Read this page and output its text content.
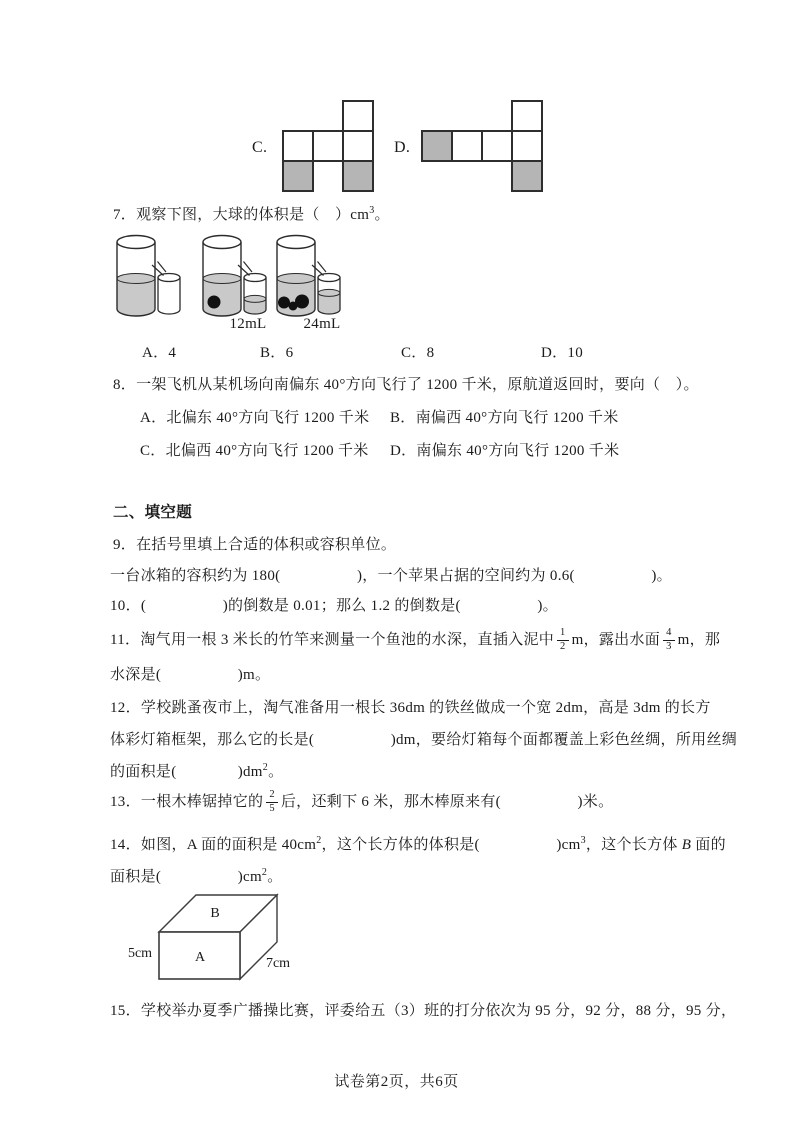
C.	D.
7．观察下图，大球的体积是（　）$cm^3$。
12mL 24mL
A．4	B．6	C．8	D．10
8．一架飞机从某机场向南偏东 40°方向飞行了 1200 千米，原航道返回时，要向（　）。
A．北偏东 40°方向飞行 1200 千米 B．南偏西 40°方向飞行 1200 千米
C．北偏西 40°方向飞行 1200 千米 D．南偏东 40°方向飞行 1200 千米
二、填空题
9．在括号里填上合适的体积或容积单位。
一台冰箱的容积约为 180(　　　　　)，一个苹果占据的空间约为 0.6(　　　　　)。
10．(　　　　　)的倒数是 0.01；那么 1.2 的倒数是(　　　　　)。
11．淘气用一根 3 米长的竹竿来测量一个鱼池的水深，直插入泥中 $\frac{1}{2}$ m，露出水面 $\frac{4}{3}$ m，那
水深是(　　　　　)m。
12．学校跳蚤夜市上，淘气准备用一根长 36dm 的铁丝做成一个宽 2dm，高是 3dm 的长方
体彩灯箱框架，那么它的长是(　　　　　)dm，要给灯箱每个面都覆盖上彩色丝绸，所用丝绸
的面积是(　　　　)$dm^2$。
13．一根木棒锯掉它的 $\frac{2}{5}$ 后，还剩下 6 米，那木棒原来有(　　　　　)米。
14．如图，A 面的面积是 $40cm^2$，这个长方体的体积是(　　　　　)$cm^3$，这个长方体 B 面的
面积是(　　　　　)$cm^2$。
B
A
5cm
7cm
15．学校举办夏季广播操比赛，评委给五（3）班的打分依次为 95 分，92 分，88 分，95 分，
试卷第2页，共6页
